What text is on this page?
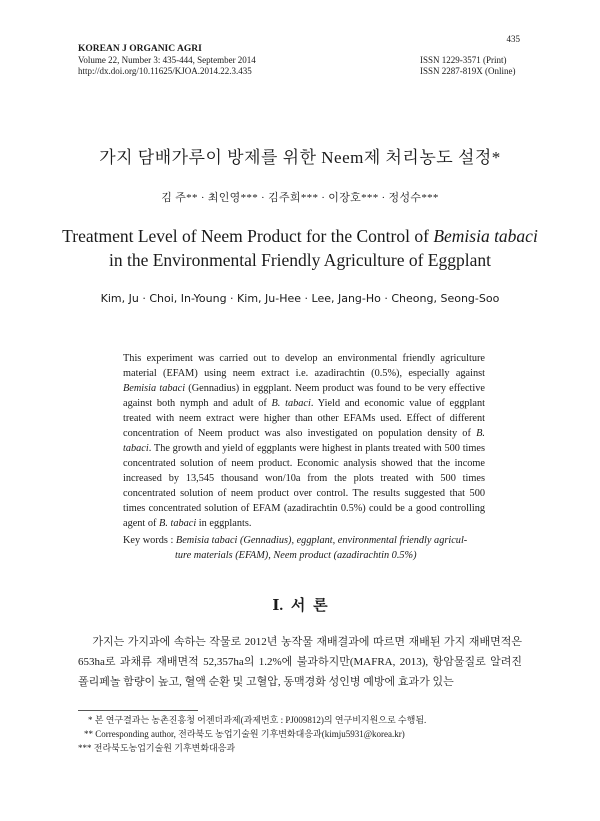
KOREAN J ORGANIC AGRI
Volume 22, Number 3: 435-444, September 2014
http://dx.doi.org/10.11625/KJOA.2014.22.3.435
435
ISSN 1229-3571 (Print)
ISSN 2287-819X (Online)
가지 담배가루이 방제를 위한 Neem제 처리농도 설정*
김 주** · 최인영*** · 김주희*** · 이장호*** · 정성수***
Treatment Level of Neem Product for the Control of Bemisia tabaci
in the Environmental Friendly Agriculture of Eggplant
Kim, Ju · Choi, In-Young · Kim, Ju-Hee · Lee, Jang-Ho · Cheong, Seong-Soo
This experiment was carried out to develop an environmental friendly agriculture material (EFAM) using neem extract i.e. azadirachtin (0.5%), especially against Bemisia tabaci (Gennadius) in eggplant. Neem product was found to be very effective against both nymph and adult of B. tabaci. Yield and economic value of eggplant treated with neem extract were higher than other EFAMs used. Effect of different concentration of Neem product was also investigated on population density of B. tabaci. The growth and yield of eggplants were highest in plants treated with 500 times concentrated solution of neem product. Economic analysis showed that the income increased by 13,545 thousand won/10a from the plots treated with 500 times concentrated solution of neem product over control. The results suggested that 500 times concentrated solution of EFAM (azadirachtin 0.5%) could be a good controlling agent of B. tabaci in eggplants.
Key words : Bemisia tabaci (Gennadius), eggplant, environmental friendly agricul-
ture materials (EFAM), Neem product (azadirachtin 0.5%)
Ⅰ. 서 론
가지는 가지과에 속하는 작물로 2012년 농작물 재배결과에 따르면 재배된 가지 재배면적은 653ha로 과채류 재배면적 52,357ha의 1.2%에 불과하지만(MAFRA, 2013), 항암물질로 알려진 폴리페놀 함량이 높고, 혈액 순환 및 고혈압, 동맥경화 성인병 예방에 효과가 있는
* 본 연구결과는 농촌진흥청 어젠더과제(과제번호 : PJ009812)의 연구비지원으로 수행됨.
** Corresponding author, 전라북도 농업기술원 기후변화대응과(kimju5931@korea.kr)
*** 전라북도농업기술원 기후변화대응과
